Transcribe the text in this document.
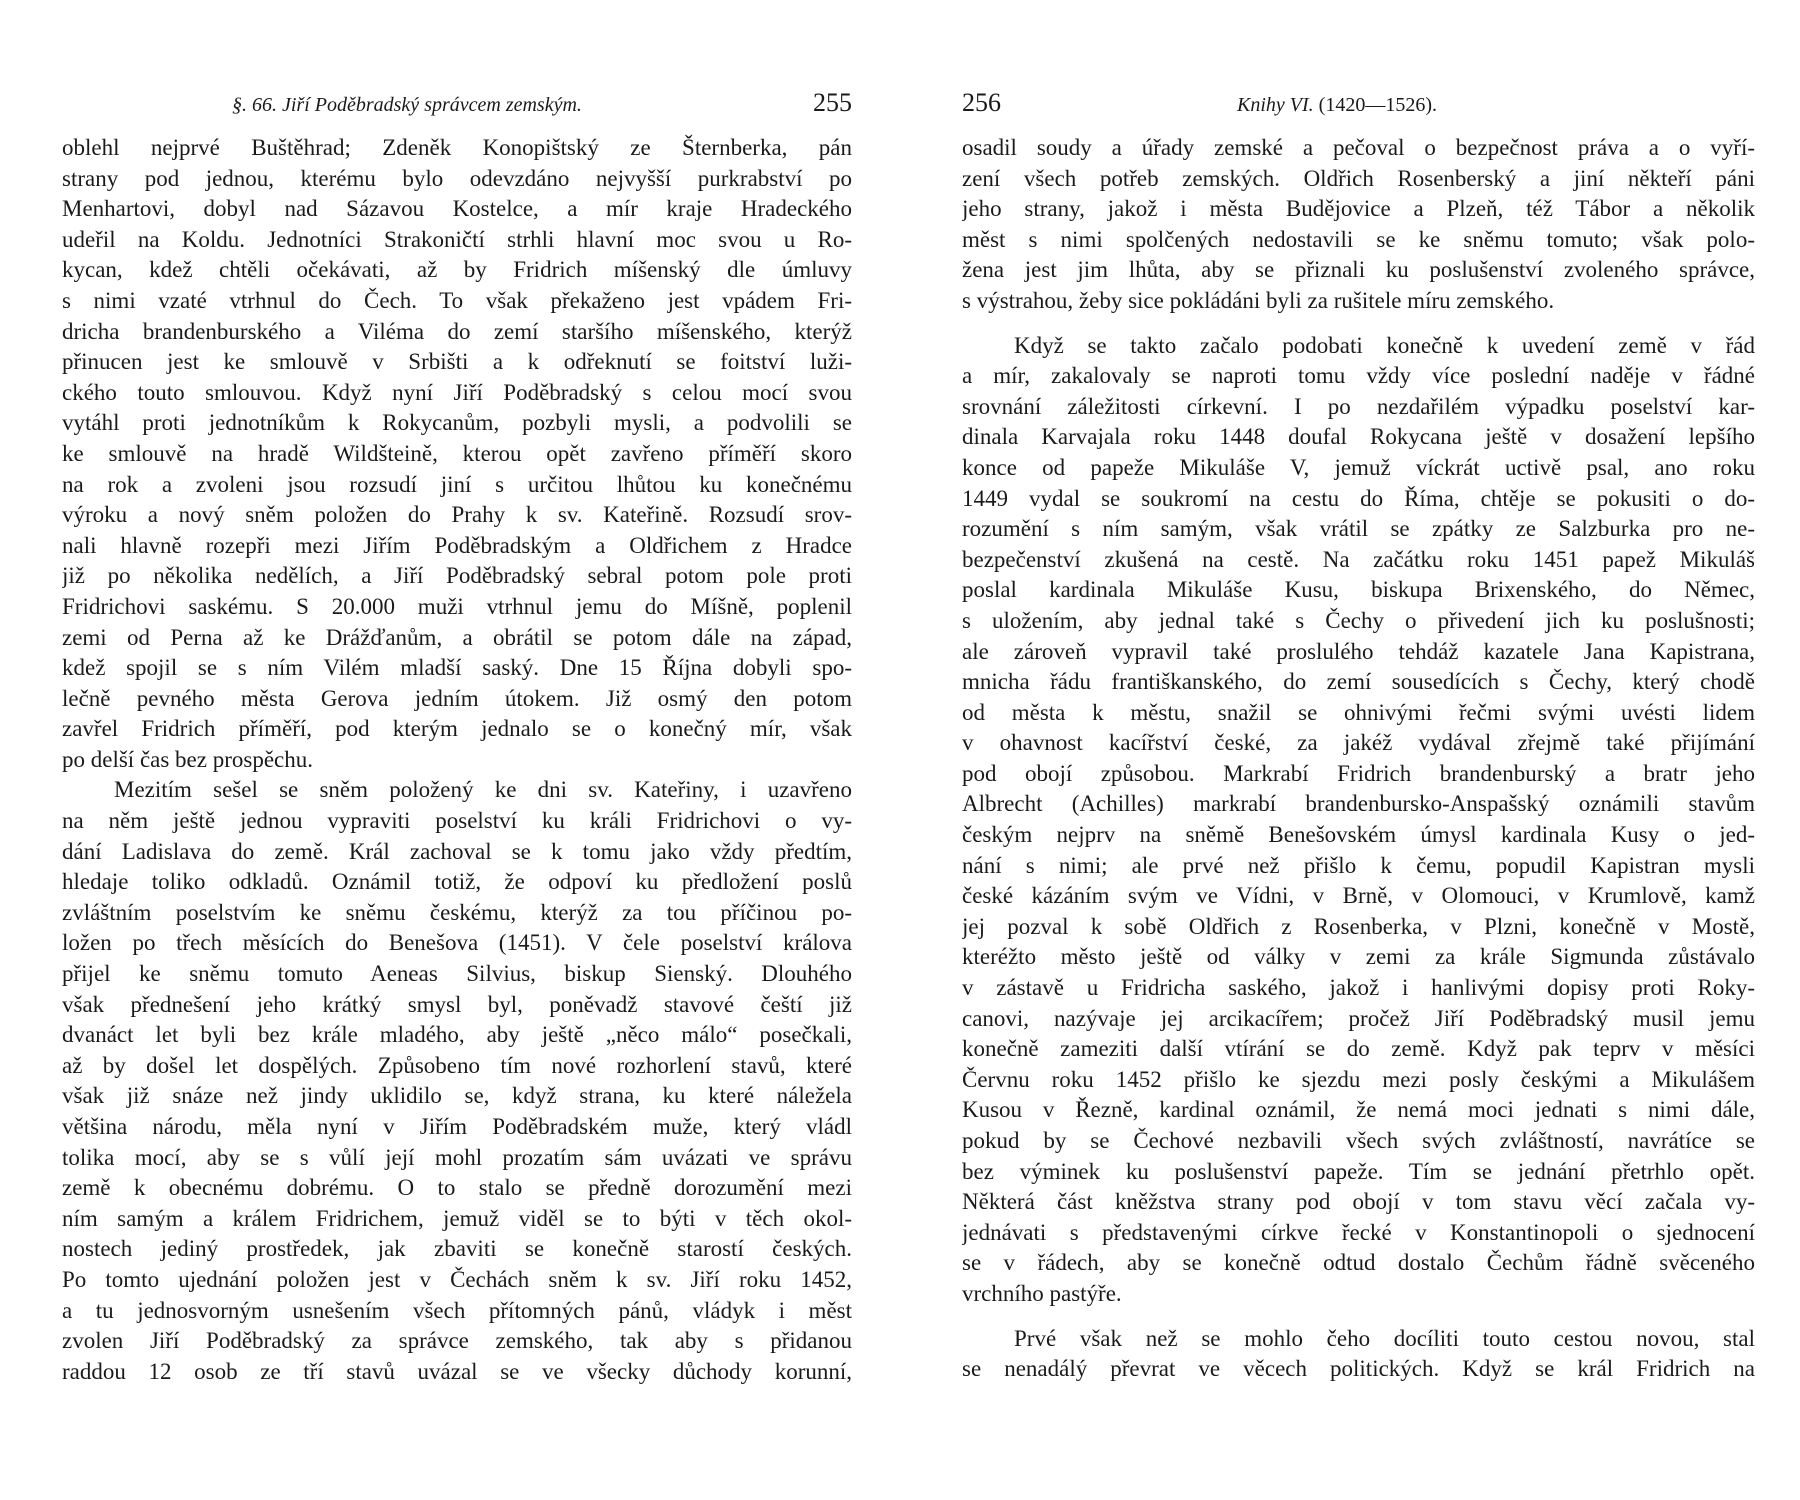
§. 66. Jiří Poděbradský správcem zemským.	255
oblehl nejprvé Buštěhrad; Zdeněk Konopištský ze Šternberka, pán
strany pod jednou, kterému bylo odevzdáno nejvyšší purkrabství po
Menhartovi, dobyl nad Sázavou Kostelce, a mír kraje Hradeckého
udeřil na Koldu. Jednotníci Strakoničtí strhli hlavní moc svou u Ro-
kycan, kdež chtěli očekávati, až by Fridrich míšenský dle úmluvy
s nimi vzaté vtrhnul do Čech. To však překaženo jest vpádem Fri-
dricha brandenburského a Viléma do zemí staršího míšenského, kterýž
přinucen jest ke smlouvě v Srbišti a k odřeknutí se foitství luži-
ckého touto smlouvou. Když nyní Jiří Poděbradský s celou mocí svou
vytáhl proti jednotníkům k Rokycanům, pozbyli mysli, a podvolili se
ke smlouvě na hradě Wildšteině, kterou opět zavřeno příměří skoro
na rok a zvoleni jsou rozsudí jiní s určitou lhůtou ku konečnému
výroku a nový sněm položen do Prahy k sv. Kateřině. Rozsudí srov-
nali hlavně rozepři mezi Jiřím Poděbradským a Oldřichem z Hradce
již po několika nedělích, a Jiří Poděbradský sebral potom pole proti
Fridrichovi saskému. S 20.000 muži vtrhnul jemu do Míšně, poplenil
zemi od Perna až ke Drážďanům, a obrátil se potom dále na západ,
kdež spojil se s ním Vilém mladší saský. Dne 15 Října dobyli spo-
lečně pevného města Gerova jedním útokem. Již osmý den potom
zavřel Fridrich příměří, pod kterým jednalo se o konečný mír, však
po delší čas bez prospěchu.
Mezitím sešel se sněm položený ke dni sv. Kateřiny, i uzavřeno
na něm ještě jednou vypraviti poselství ku králi Fridrichovi o vy-
dání Ladislava do země. Král zachoval se k tomu jako vždy předtím,
hledaje toliko odkladů. Oznámil totiž, že odpoví ku předložení poslů
zvláštním poselstvím ke sněmu českému, kterýž za tou příčinou po-
ložen po třech měsících do Benešova (1451). V čele poselství králova
přijel ke sněmu tomuto Aeneas Silvius, biskup Sienský. Dlouhého
však přednešení jeho krátký smysl byl, poněvadž stavové čeští již
dvanáct let byli bez krále mladého, aby ještě „něco málo“ posečkali,
až by došel let dospělých. Způsobeno tím nové rozhorlení stavů, které
však již snáze než jindy uklidilo se, když strana, ku které náležela
většina národu, měla nyní v Jiřím Poděbradském muže, který vládl
tolika mocí, aby se s vůlí její mohl prozatím sám uvázati ve správu
země k obecnému dobrému. O to stalo se předně dorozumění mezi
ním samým a králem Fridrichem, jemuž viděl se to býti v těch okol-
nostech jediný prostředek, jak zbaviti se konečně starostí českých.
Po tomto ujednání položen jest v Čechách sněm k sv. Jiří roku 1452,
a tu jednosvorným usnešením všech přítomných pánů, vládyk i měst
zvolen Jiří Poděbradský za správce zemského, tak aby s přidanou
raddou 12 osob ze tří stavů uvázal se ve všecky důchody korunní,
256	Knihy VI. (1420—1526).
osadil soudy a úřady zemské a pečoval o bezpečnost práva a o vyří-
zení všech potřeb zemských. Oldřich Rosenberský a jiní někteří páni
jeho strany, jakož i města Budějovice a Plzeň, též Tábor a několik
měst s nimi spolčených nedostavili se ke sněmu tomuto; však polo-
žena jest jim lhůta, aby se přiznali ku poslušenství zvoleného správce,
s výstrahou, žeby sice pokládáni byli za rušitele míru zemského.
Když se takto začalo podobati konečně k uvedení země v řád
a mír, zakalovaly se naproti tomu vždy více poslední naděje v řádné
srovnání záležitosti církevní. I po nezdařilém výpadku poselství kar-
dinala Karvajala roku 1448 doufal Rokycana ještě v dosažení lepšího
konce od papeže Mikuláše V, jemuž víckrát uctivě psal, ano roku
1449 vydal se soukromí na cestu do Říma, chtěje se pokusiti o do-
rozumění s ním samým, však vrátil se zpátky ze Salzburka pro ne-
bezpečenství zkušená na cestě. Na začátku roku 1451 papež Mikuláš
poslal kardinala Mikuláše Kusu, biskupa Brixenského, do Němec,
s uložením, aby jednal také s Čechy o přivedení jich ku poslušnosti;
ale zároveň vypravil také proslulého tehdáž kazatele Jana Kapistrana,
mnicha řádu františkanského, do zemí sousedících s Čechy, který chodě
od města k městu, snažil se ohnivými řečmi svými uvésti lidem
v ohavnost kacířství české, za jakéž vydával zřejmě také přijímání
pod obojí způsobou. Markrabí Fridrich brandenburský a bratr jeho
Albrecht (Achilles) markrabí brandenbursko-Anspašský oznámili stavům
českým nejprv na sněmě Benešovském úmysl kardinala Kusy o jed-
nání s nimi; ale prvé než přišlo k čemu, popudil Kapistran mysli
české kázáním svým ve Vídni, v Brně, v Olomouci, v Krumlově, kamž
jej pozval k sobě Oldřich z Rosenberka, v Plzni, konečně v Mostě,
kteréžto město ještě od války v zemi za krále Sigmunda zůstávalo
v zástavě u Fridricha saského, jakož i hanlivými dopisy proti Roky-
canovi, nazývaje jej arcikacířem; pročež Jiří Poděbradský musil jemu
konečně zameziti další vtírání se do země. Když pak teprv v měsíci
Červnu roku 1452 přišlo ke sjezdu mezi posly českými a Mikulášem
Kusou v Řezně, kardinal oznámil, že nemá moci jednati s nimi dále,
pokud by se Čechové nezbavili všech svých zvláštností, navrátíce se
bez výminek ku poslušenství papeže. Tím se jednání přetrhlo opět.
Některá část kněžstva strany pod obojí v tom stavu věcí začala vy-
jednávati s představenými církve řecké v Konstantinopoli o sjednocení
se v řádech, aby se konečně odtud dostalo Čechům řádně svěceného
vrchního pastýře.
Prvé však než se mohlo čeho docíliti touto cestou novou, stal
se nenadálý převrat ve věcech politických. Když se král Fridrich na
